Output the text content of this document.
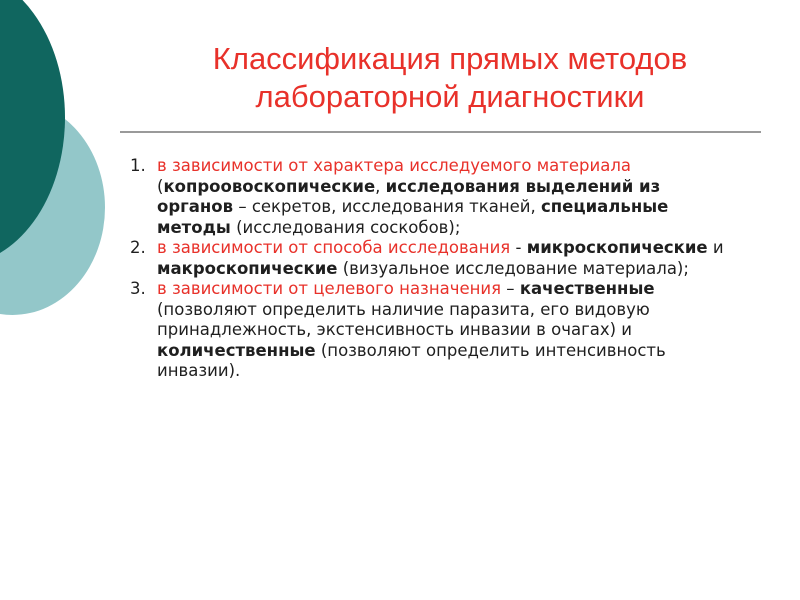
Классификация прямых методов
лабораторной диагностики
1. в зависимости от характера исследуемого материала (копроовоскопические, исследования выделений из органов – секретов, исследования тканей, специальные методы (исследования соскобов);
2. в зависимости от способа исследования - микроскопические и макроскопические (визуальное исследование материала);
3. в зависимости от целевого назначения – качественные (позволяют определить наличие паразита, его видовую принадлежность, экстенсивность инвазии в очагах) и количественные (позволяют определить интенсивность инвазии).
